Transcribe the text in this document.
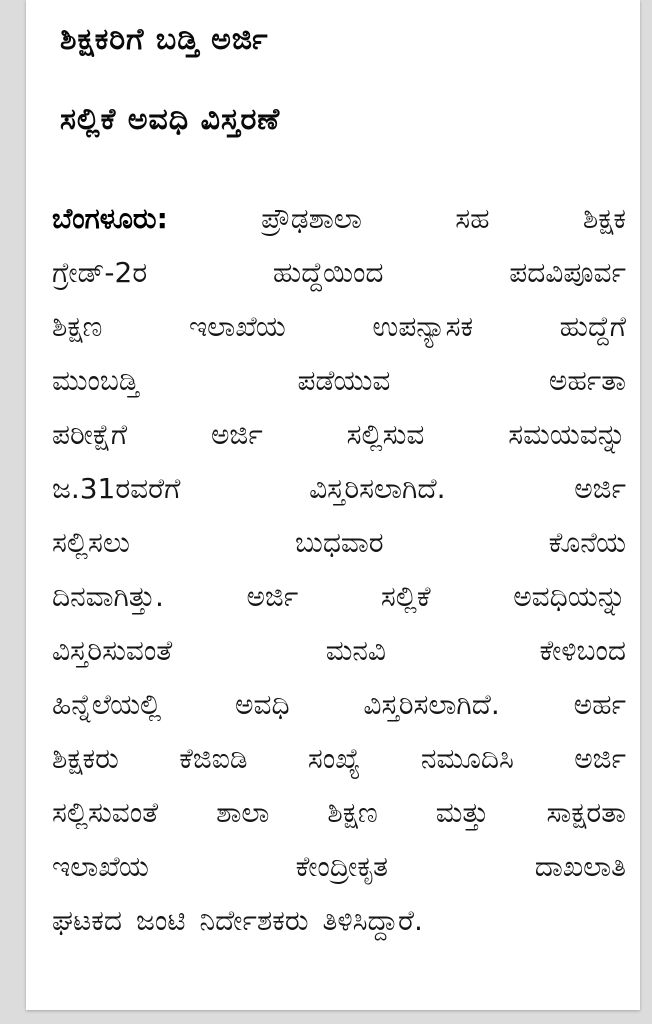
ಶಿಕ್ಷಕರಿಗೆ ಬಡ್ತಿ ಅರ್ಜಿ
ಸಲ್ಲಿಕೆ ಅವಧಿ ವಿಸ್ತರಣೆ
ಬೆಂಗಳೂರು:	ಪ್ರೌಢಶಾಲಾ	ಸಹ	ಶಿಕ್ಷಕ
ಗ್ರೇಡ್-2ರ	ಹುದ್ದೆಯಿಂದ	ಪದವಿಪೂರ್ವ
ಶಿಕ್ಷಣ	ಇಲಾಖೆಯ	ಉಪನ್ಯಾಸಕ	ಹುದ್ದೆಗೆ
ಮುಂಬಡ್ತಿ	ಪಡೆಯುವ	ಅರ್ಹತಾ
ಪರೀಕ್ಷೆಗೆ	ಅರ್ಜಿ	ಸಲ್ಲಿಸುವ	ಸಮಯವನ್ನು
ಜ.31ರವರೆಗೆ	ವಿಸ್ತರಿಸಲಾಗಿದೆ.	ಅರ್ಜಿ
ಸಲ್ಲಿಸಲು	ಬುಧವಾರ	ಕೊನೆಯ
ದಿನವಾಗಿತ್ತು.	ಅರ್ಜಿ	ಸಲ್ಲಿಕೆ	ಅವಧಿಯನ್ನು
ವಿಸ್ತರಿಸುವಂತೆ	ಮನವಿ	ಕೇಳಿಬಂದ
ಹಿನ್ನೆಲೆಯಲ್ಲಿ	ಅವಧಿ	ವಿಸ್ತರಿಸಲಾಗಿದೆ.	ಅರ್ಹ
ಶಿಕ್ಷಕರು ಕೆಜಿಐಡಿ ಸಂಖ್ಯೆ ನಮೂದಿಸಿ ಅರ್ಜಿ
ಸಲ್ಲಿಸುವಂತೆ ಶಾಲಾ ಶಿಕ್ಷಣ ಮತ್ತು ಸಾಕ್ಷರತಾ
ಇಲಾಖೆಯ	ಕೇಂದ್ರೀಕೃತ	ದಾಖಲಾತಿ
ಘಟಕದ ಜಂಟಿ ನಿರ್ದೇಶಕರು ತಿಳಿಸಿದ್ದಾರೆ.
